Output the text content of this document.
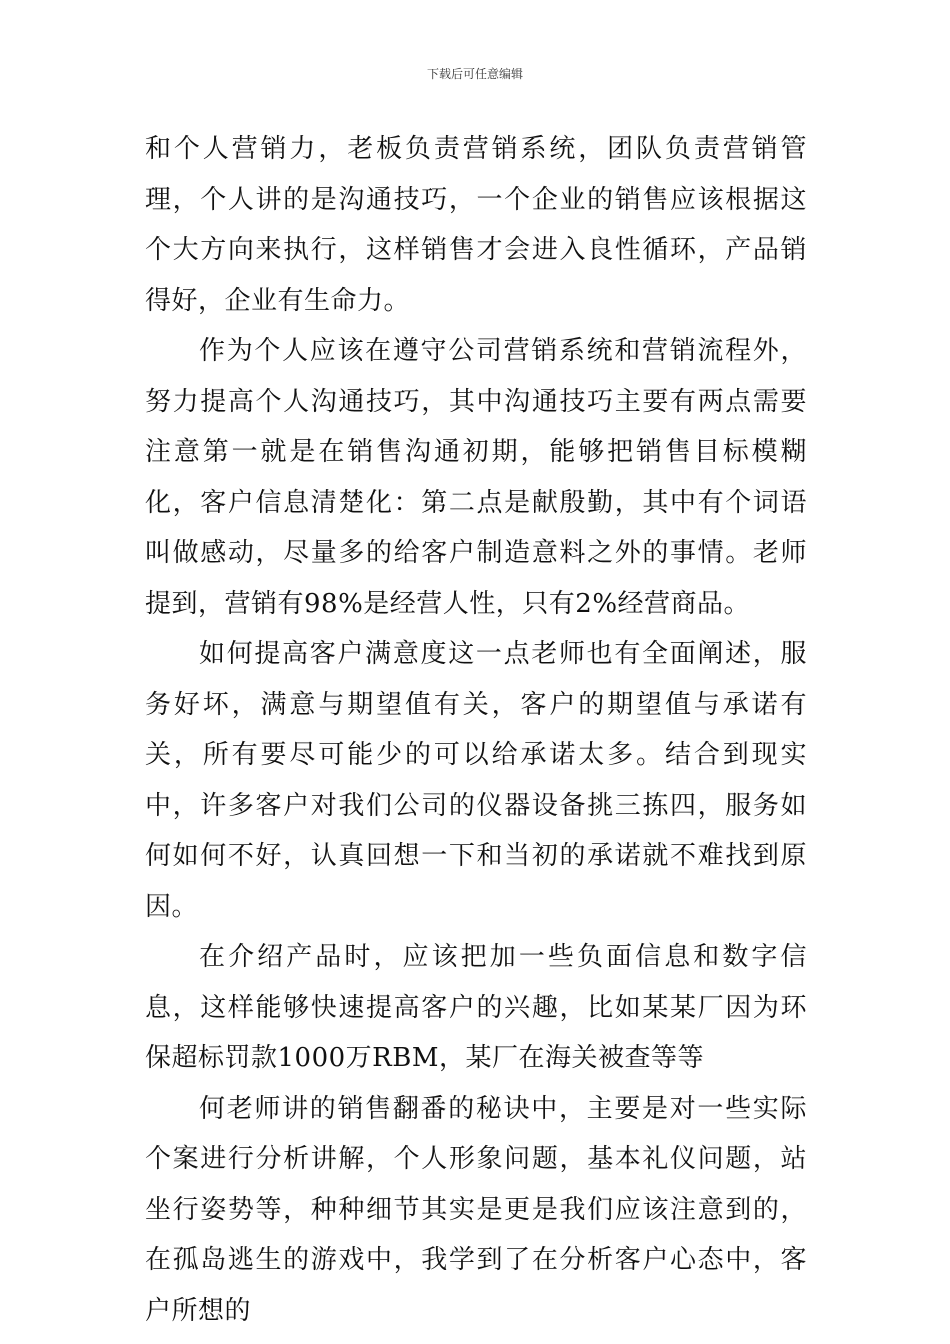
下载后可任意编辑

和个人营销力，老板负责营销系统，团队负责营销管理，个人讲的是沟通技巧，一个企业的销售应该根据这个大方向来执行，这样销售才会进入良性循环，产品销得好，企业有生命力。

作为个人应该在遵守公司营销系统和营销流程外，努力提高个人沟通技巧，其中沟通技巧主要有两点需要注意第一就是在销售沟通初期，能够把销售目标模糊化，客户信息清楚化：第二点是献殷勤，其中有个词语叫做感动，尽量多的给客户制造意料之外的事情。老师提到，营销有98%是经营人性，只有2%经营商品。

如何提高客户满意度这一点老师也有全面阐述，服务好坏，满意与期望值有关，客户的期望值与承诺有关，所有要尽可能少的可以给承诺太多。结合到现实中，许多客户对我们公司的仪器设备挑三拣四，服务如何如何不好，认真回想一下和当初的承诺就不难找到原因。

在介绍产品时，应该把加一些负面信息和数字信息，这样能够快速提高客户的兴趣，比如某某厂因为环保超标罚款1000万RBM，某厂在海关被查等等

何老师讲的销售翻番的秘诀中，主要是对一些实际个案进行分析讲解，个人形象问题，基本礼仪问题，站坐行姿势等，种种细节其实是更是我们应该注意到的，在孤岛逃生的游戏中，我学到了在分析客户心态中，客户所想的
